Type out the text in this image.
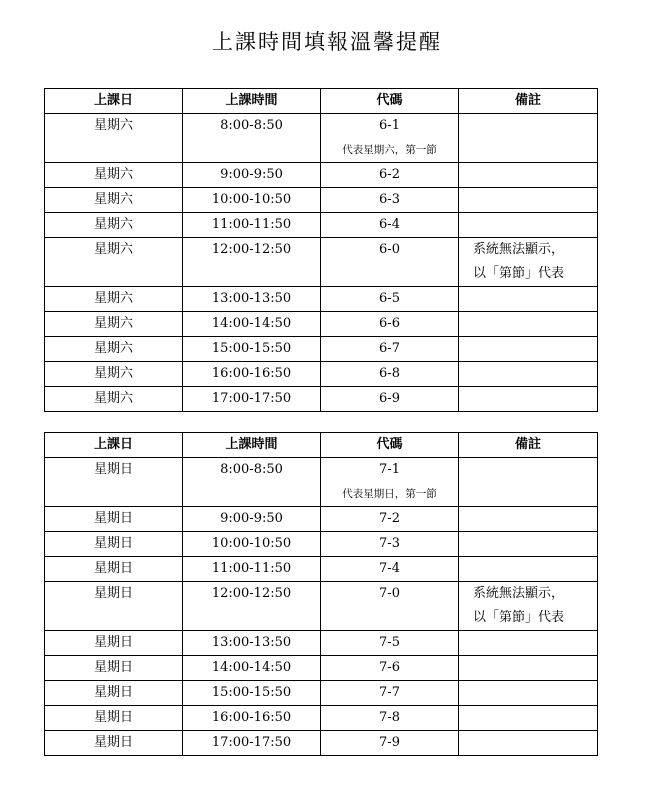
上課時間填報溫馨提醒
上課日	上課時間	代碼	備註
星期六	8:00-8:50	6-1
代表星期六，第一節	

星期六	9:00-9:50	6-2	

星期六	10:00-10:50	6-3	

星期六	11:00-11:50	6-4	

星期六	12:00-12:50	6-0	系統無法顯示，
以「第節」代表

星期六	13:00-13:50	6-5	

星期六	14:00-14:50	6-6	

星期六	15:00-15:50	6-7	

星期六	16:00-16:50	6-8	

星期六	17:00-17:50	6-9	

上課日	上課時間	代碼	備註
星期日	8:00-8:50	7-1
代表星期日，第一節	

星期日	9:00-9:50	7-2	

星期日	10:00-10:50	7-3	

星期日	11:00-11:50	7-4	

星期日	12:00-12:50	7-0	系統無法顯示，
以「第節」代表

星期日	13:00-13:50	7-5	

星期日	14:00-14:50	7-6	

星期日	15:00-15:50	7-7	

星期日	16:00-16:50	7-8	

星期日	17:00-17:50	7-9	
